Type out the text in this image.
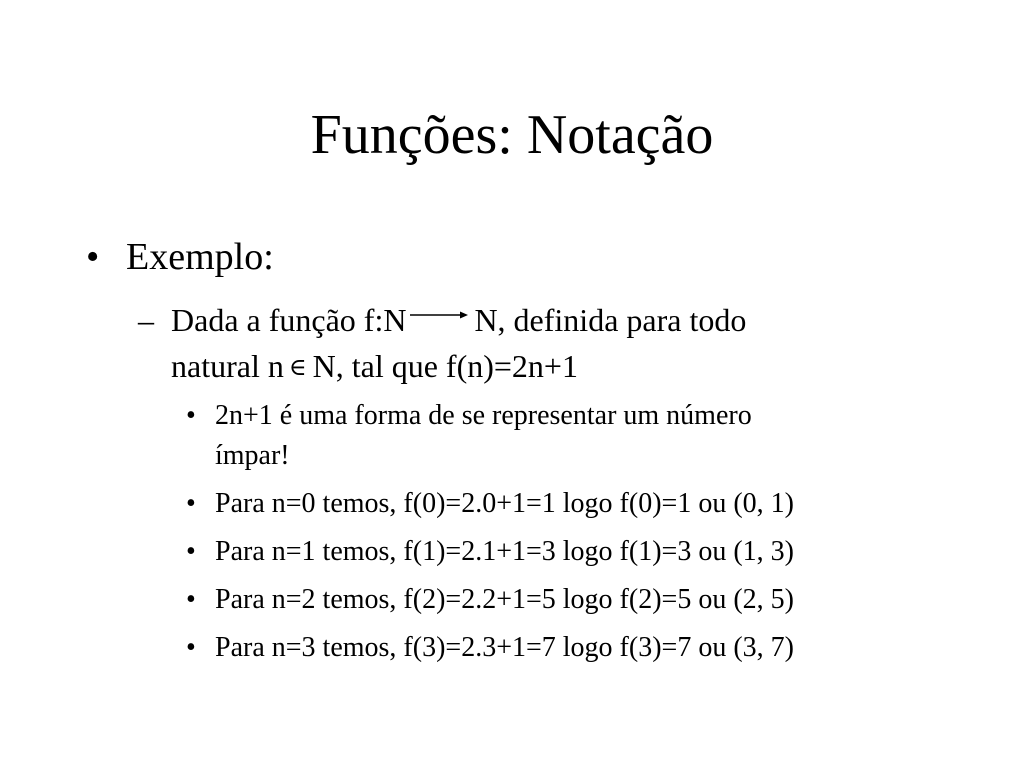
Funções: Notação
• Exemplo:
– Dada a função f:N N, definida para todo
natural n ∈ N, tal que f(n)=2n+1
• 2n+1 é uma forma de se representar um número
ímpar!
• Para n=0 temos, f(0)=2.0+1=1 logo f(0)=1 ou (0, 1)
• Para n=1 temos, f(1)=2.1+1=3 logo f(1)=3 ou (1, 3)
• Para n=2 temos, f(2)=2.2+1=5 logo f(2)=5 ou (2, 5)
• Para n=3 temos, f(3)=2.3+1=7 logo f(3)=7 ou (3, 7)
